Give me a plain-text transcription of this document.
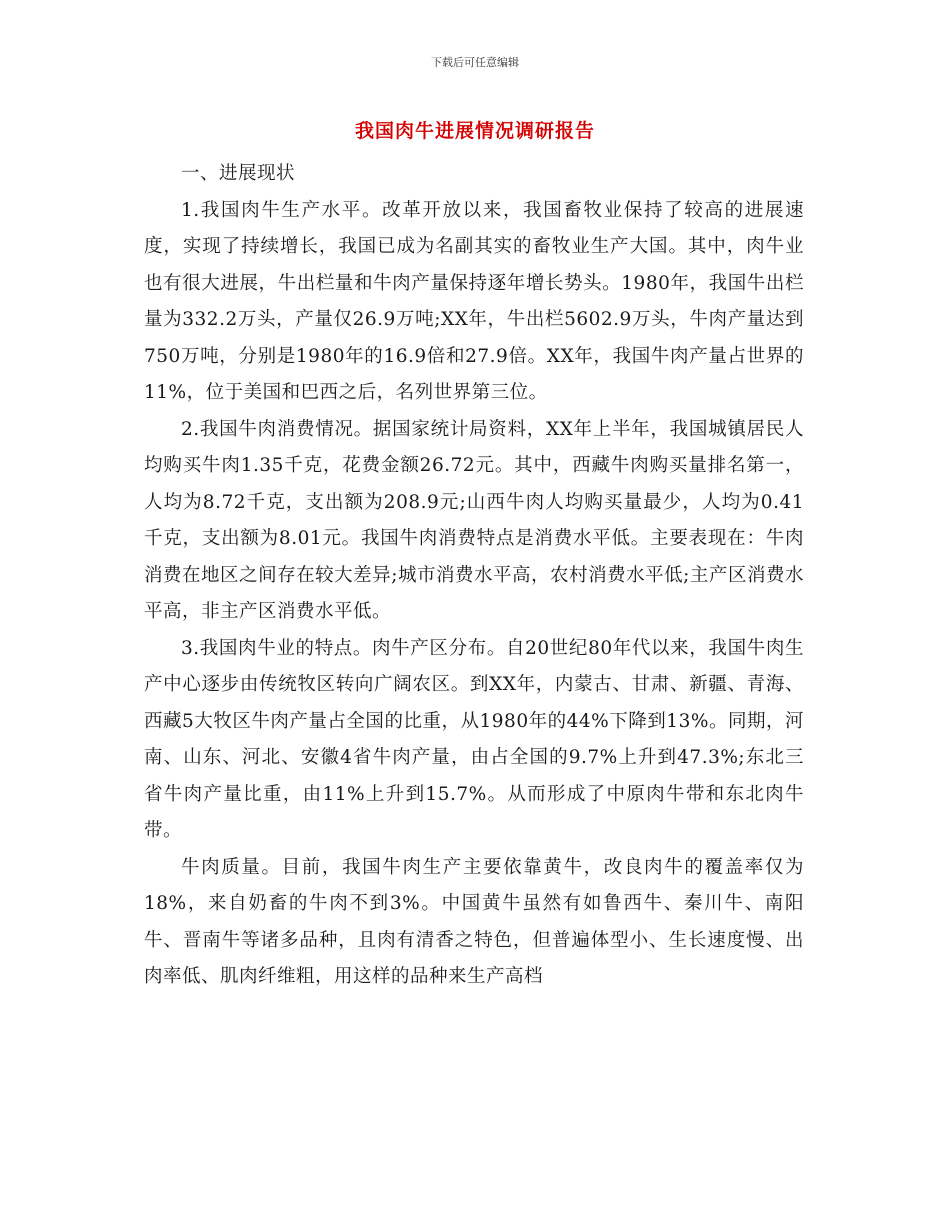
下载后可任意编辑
我国肉牛进展情况调研报告

一、进展现状

1.我国肉牛生产水平。改革开放以来，我国畜牧业保持了较高的进展速度，实现了持续增长，我国已成为名副其实的畜牧业生产大国。其中，肉牛业也有很大进展，牛出栏量和牛肉产量保持逐年增长势头。1980年，我国牛出栏量为332.2万头，产量仅26.9万吨;XX年，牛出栏5602.9万头，牛肉产量达到750万吨，分别是1980年的16.9倍和27.9倍。XX年，我国牛肉产量占世界的11%，位于美国和巴西之后，名列世界第三位。

2.我国牛肉消费情况。据国家统计局资料，XX年上半年，我国城镇居民人均购买牛肉1.35千克，花费金额26.72元。其中，西藏牛肉购买量排名第一，人均为8.72千克，支出额为208.9元;山西牛肉人均购买量最少，人均为0.41千克，支出额为8.01元。我国牛肉消费特点是消费水平低。主要表现在：牛肉消费在地区之间存在较大差异;城市消费水平高，农村消费水平低;主产区消费水平高，非主产区消费水平低。

3.我国肉牛业的特点。肉牛产区分布。自20世纪80年代以来，我国牛肉生产中心逐步由传统牧区转向广阔农区。到XX年，内蒙古、甘肃、新疆、青海、西藏5大牧区牛肉产量占全国的比重，从1980年的44%下降到13%。同期，河南、山东、河北、安徽4省牛肉产量，由占全国的9.7%上升到47.3%;东北三省牛肉产量比重，由11%上升到15.7%。从而形成了中原肉牛带和东北肉牛带。

牛肉质量。目前，我国牛肉生产主要依靠黄牛，改良肉牛的覆盖率仅为18%，来自奶畜的牛肉不到3%。中国黄牛虽然有如鲁西牛、秦川牛、南阳牛、晋南牛等诸多品种，且肉有清香之特色，但普遍体型小、生长速度慢、出肉率低、肌肉纤维粗，用这样的品种来生产高档
